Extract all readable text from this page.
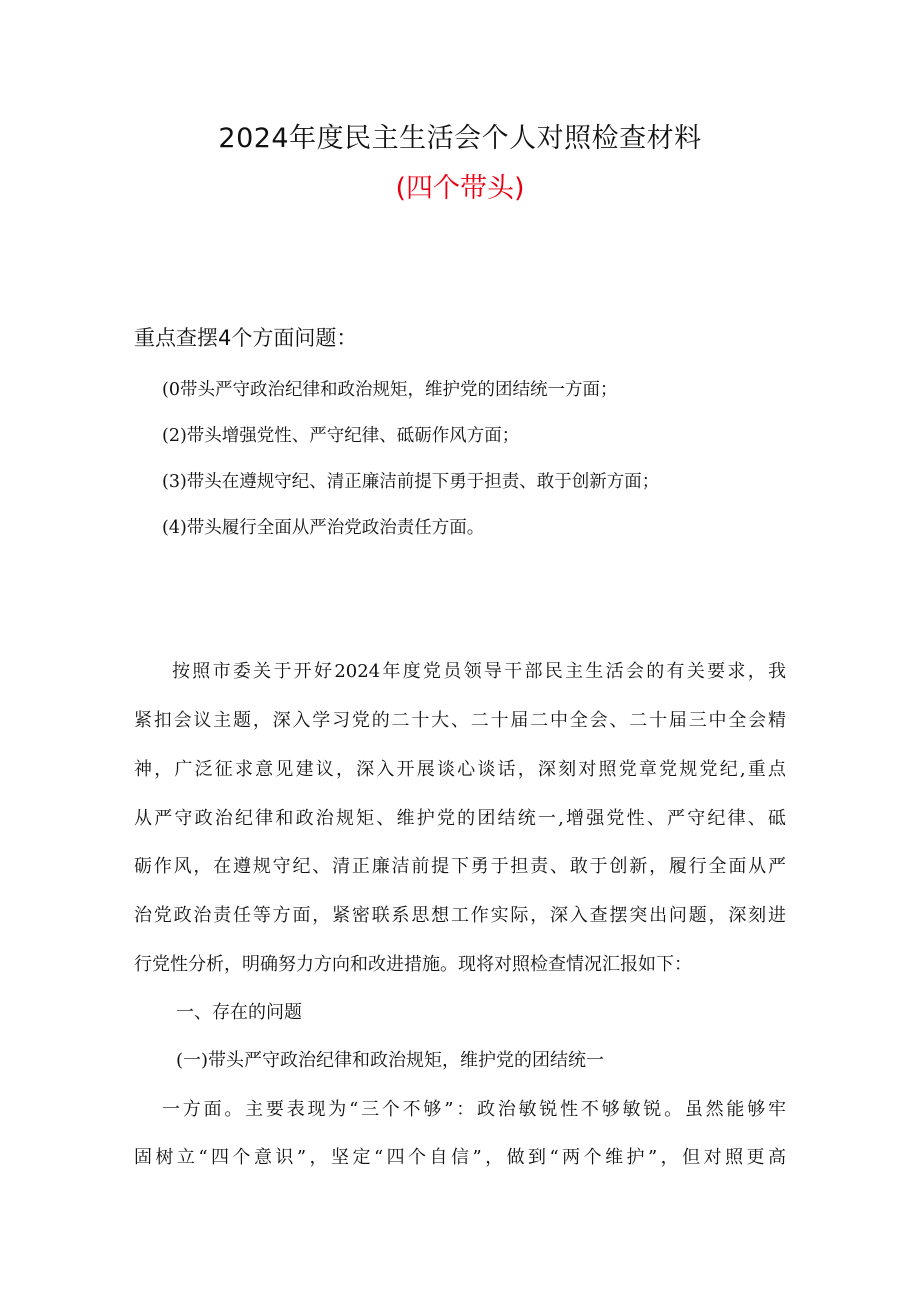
2024年度民主生活会个人对照检查材料
(四个带头)
重点查摆4个方面问题：
(0带头严守政治纪律和政治规矩，维护党的团结统一方面；
(2)带头增强党性、严守纪律、砥砺作风方面；
(3)带头在遵规守纪、清正廉洁前提下勇于担责、敢于创新方面；
(4)带头履行全面从严治党政治责任方面。
按照市委关于开好2024年度党员领导干部民主生活会的有关要求，我
紧扣会议主题，深入学习党的二十大、二十届二中全会、二十届三中全会精
神，广泛征求意见建议，深入开展谈心谈话，深刻对照党章党规党纪,重点
从严守政治纪律和政治规矩、维护党的团结统一,增强党性、严守纪律、砥
砺作风，在遵规守纪、清正廉洁前提下勇于担责、敢于创新，履行全面从严
治党政治责任等方面，紧密联系思想工作实际，深入查摆突出问题，深刻进
行党性分析，明确努力方向和改进措施。现将对照检查情况汇报如下：
一、存在的问题
(一)带头严守政治纪律和政治规矩，维护党的团结统一
一方面。主要表现为“三个不够”：政治敏锐性不够敏锐。虽然能够牢
固树立“四个意识”，坚定“四个自信”，做到“两个维护”，但对照更高
